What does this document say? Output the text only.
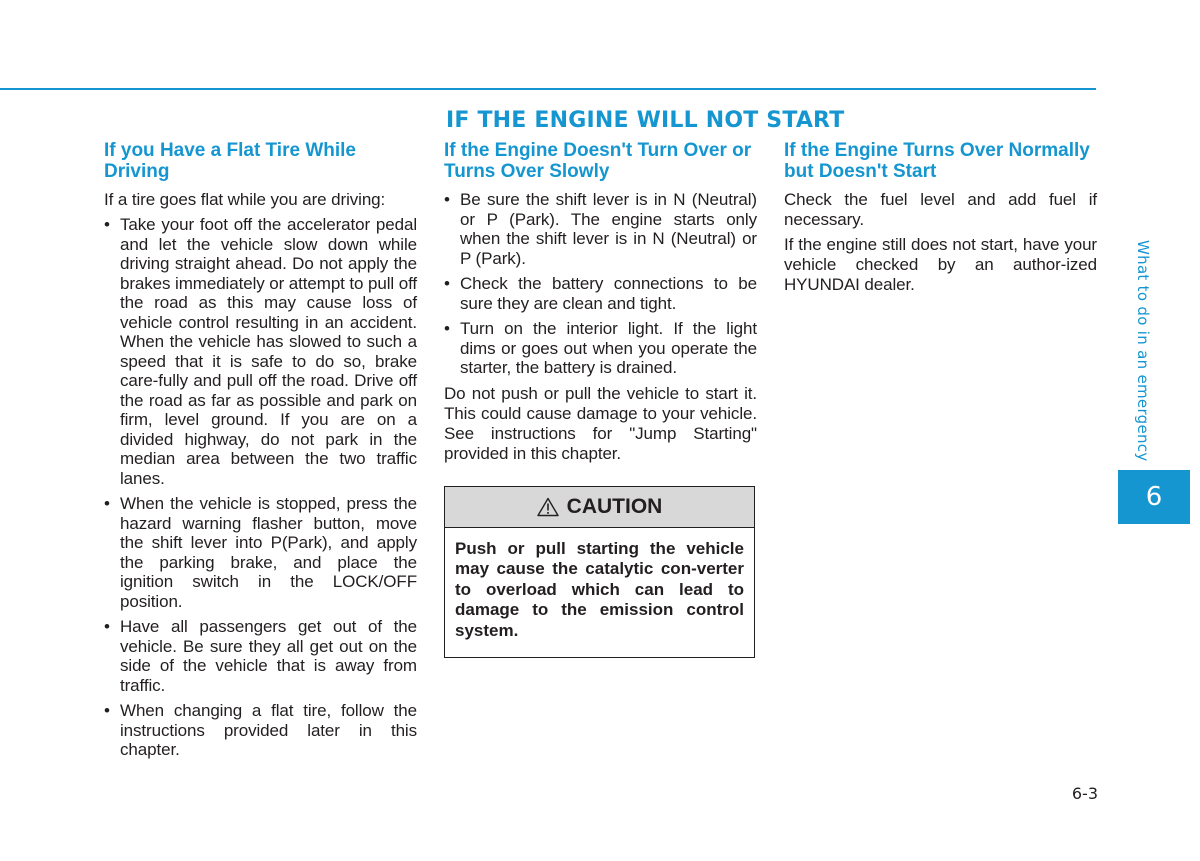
IF THE ENGINE WILL NOT START
If you Have a Flat Tire While Driving

If a tire goes flat while you are driving:

• Take your foot off the accelerator pedal and let the vehicle slow down while driving straight ahead. Do not apply the brakes immediately or attempt to pull off the road as this may cause loss of vehicle control resulting in an accident. When the vehicle has slowed to such a speed that it is safe to do so, brake care-fully and pull off the road. Drive off the road as far as possible and park on firm, level ground. If you are on a divided highway, do not park in the median area between the two traffic lanes.
• When the vehicle is stopped, press the hazard warning flasher button, move the shift lever into P(Park), and apply the parking brake, and place the ignition switch in the LOCK/OFF position.
• Have all passengers get out of the vehicle. Be sure they all get out on the side of the vehicle that is away from traffic.
• When changing a flat tire, follow the instructions provided later in this chapter.
If the Engine Doesn't Turn Over or Turns Over Slowly
• Be sure the shift lever is in N (Neutral) or P (Park). The engine starts only when the shift lever is in N (Neutral) or P (Park).
• Check the battery connections to be sure they are clean and tight.
• Turn on the interior light. If the light dims or goes out when you operate the starter, the battery is drained.

Do not push or pull the vehicle to start it. This could cause damage to your vehicle. See instructions for "Jump Starting" provided in this chapter.

CAUTION
Push or pull starting the vehicle may cause the catalytic con-verter to overload which can lead to damage to the emission control system.
If the Engine Turns Over Normally but Doesn't Start

Check the fuel level and add fuel if necessary.

If the engine still does not start, have your vehicle checked by an author-ized HYUNDAI dealer.	What to do in an emergency
6
6-3
